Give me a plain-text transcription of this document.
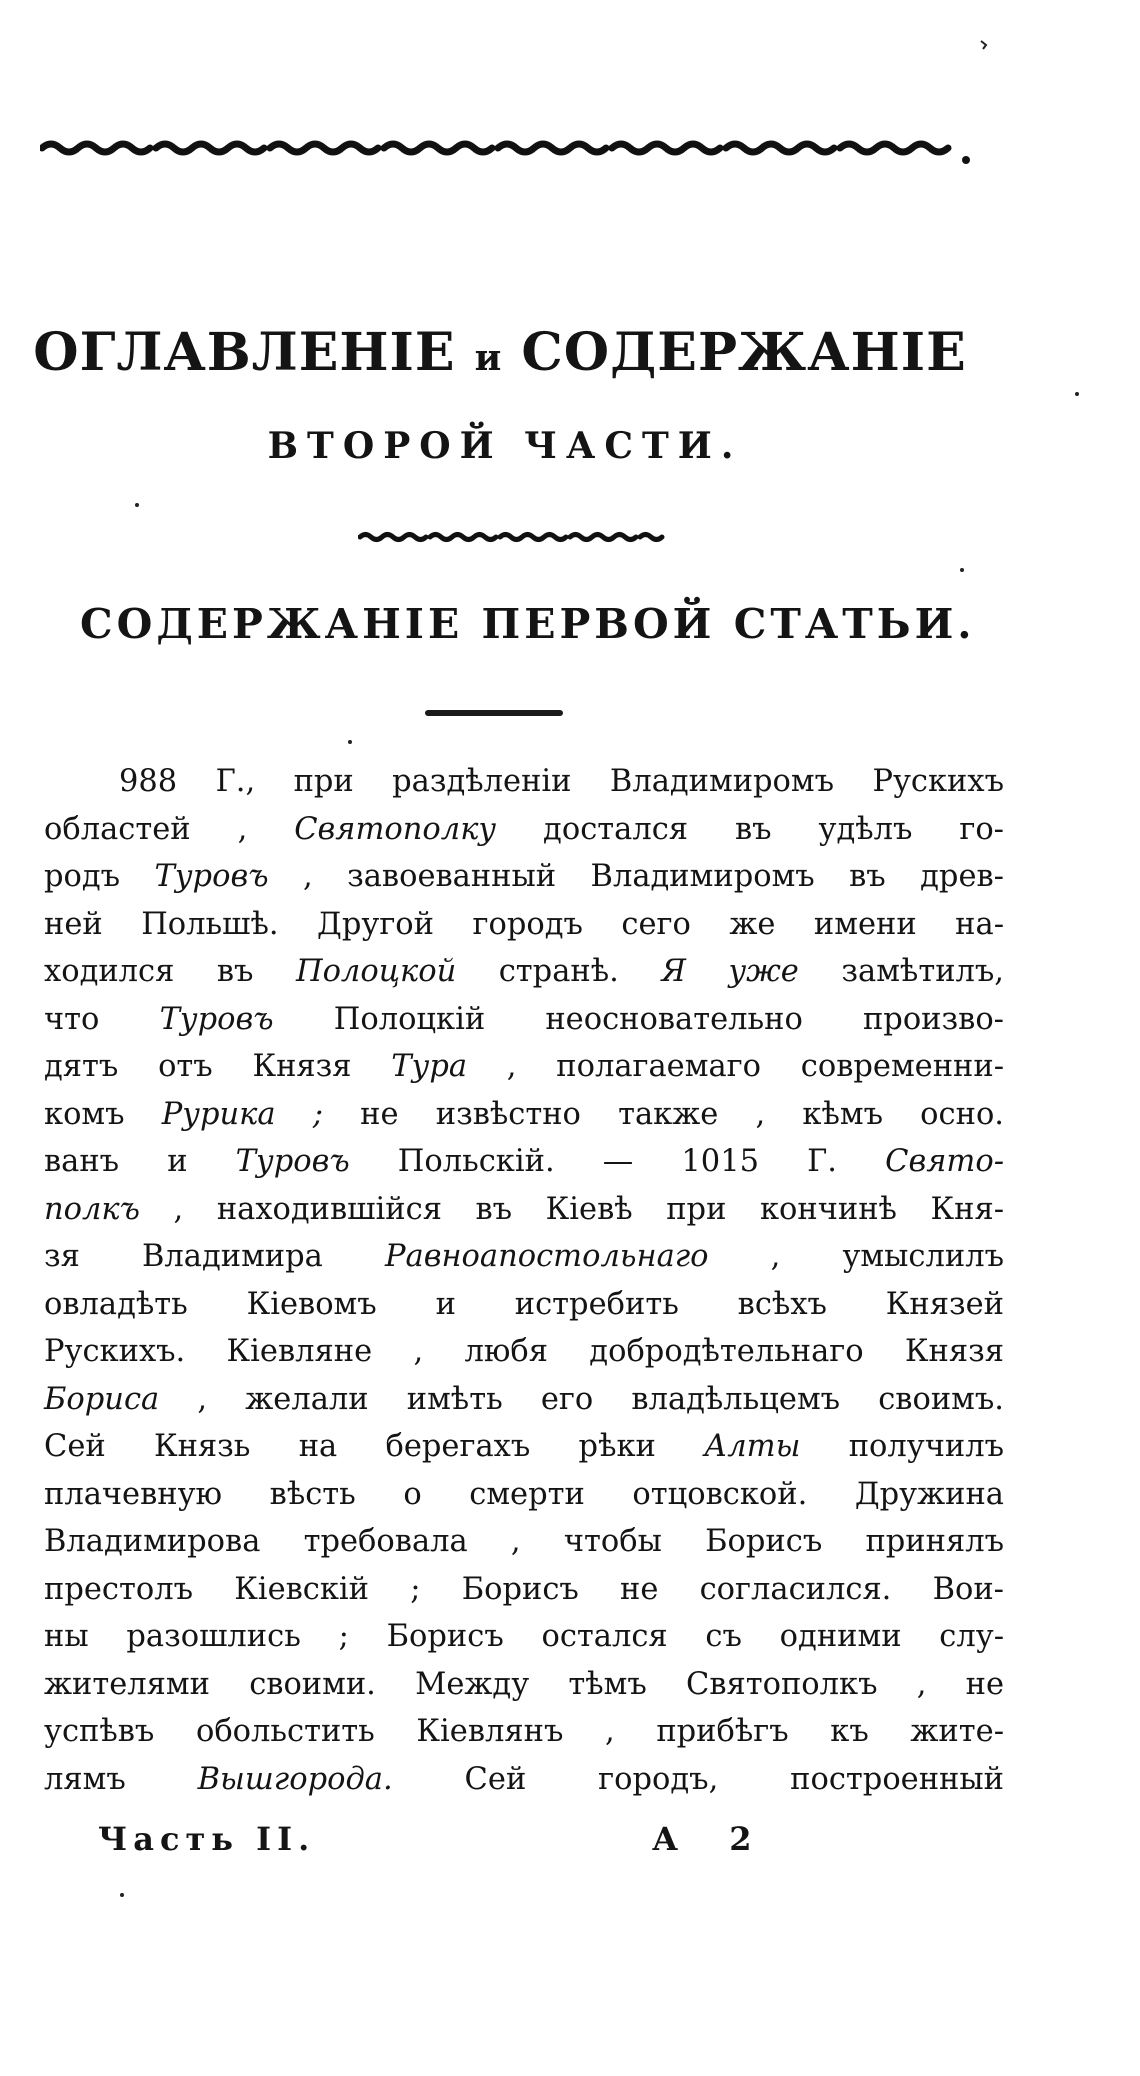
ОГЛАВЛЕНІЕ и СОДЕРЖАНІЕ
ВТОРОЙ ЧАСТИ.
СОДЕРЖАНІЕ ПЕРВОЙ СТАТЬИ.
988 Г., при раздѣленіи Владимиромъ Рускихъ
областей , Святополку достался въ удѣлъ го-
родъ Туровъ , завоеванный Владимиромъ въ древ-
ней Польшѣ. Другой городъ сего же имени на-
ходился въ Полоцкой странѣ. Я уже замѣтилъ,
что Туровъ Полоцкій неосновательно произво-
дятъ отъ Князя Тура , полагаемаго современни-
комъ Рурика ; не извѣстно также , кѣмъ осно.
ванъ и Туровъ Польскій. — 1015 Г. Свято-
полкъ , находившійся въ Кіевѣ при кончинѣ Кня-
зя Владимира Равноапостольнаго , умыслилъ
овладѣть Кіевомъ и истребить всѣхъ Князей
Рускихъ. Кіевляне , любя добродѣтельнаго Князя
Бориса , желали имѣть его владѣльцемъ своимъ.
Сей Князь на берегахъ рѣки Алты получилъ
плачевную вѣсть о смерти отцовской. Дружина
Владимирова требовала , чтобы Борисъ принялъ
престолъ Кіевскій ; Борисъ не согласился. Вои-
ны разошлись ; Борисъ остался съ одними слу-
жителями своими. Между тѣмъ Святополкъ , не
успѣвъ обольстить Кіевлянъ , прибѣгъ къ жите-
лямъ Вышгорода. Сей городъ, построенный
Часть II.	А 2
